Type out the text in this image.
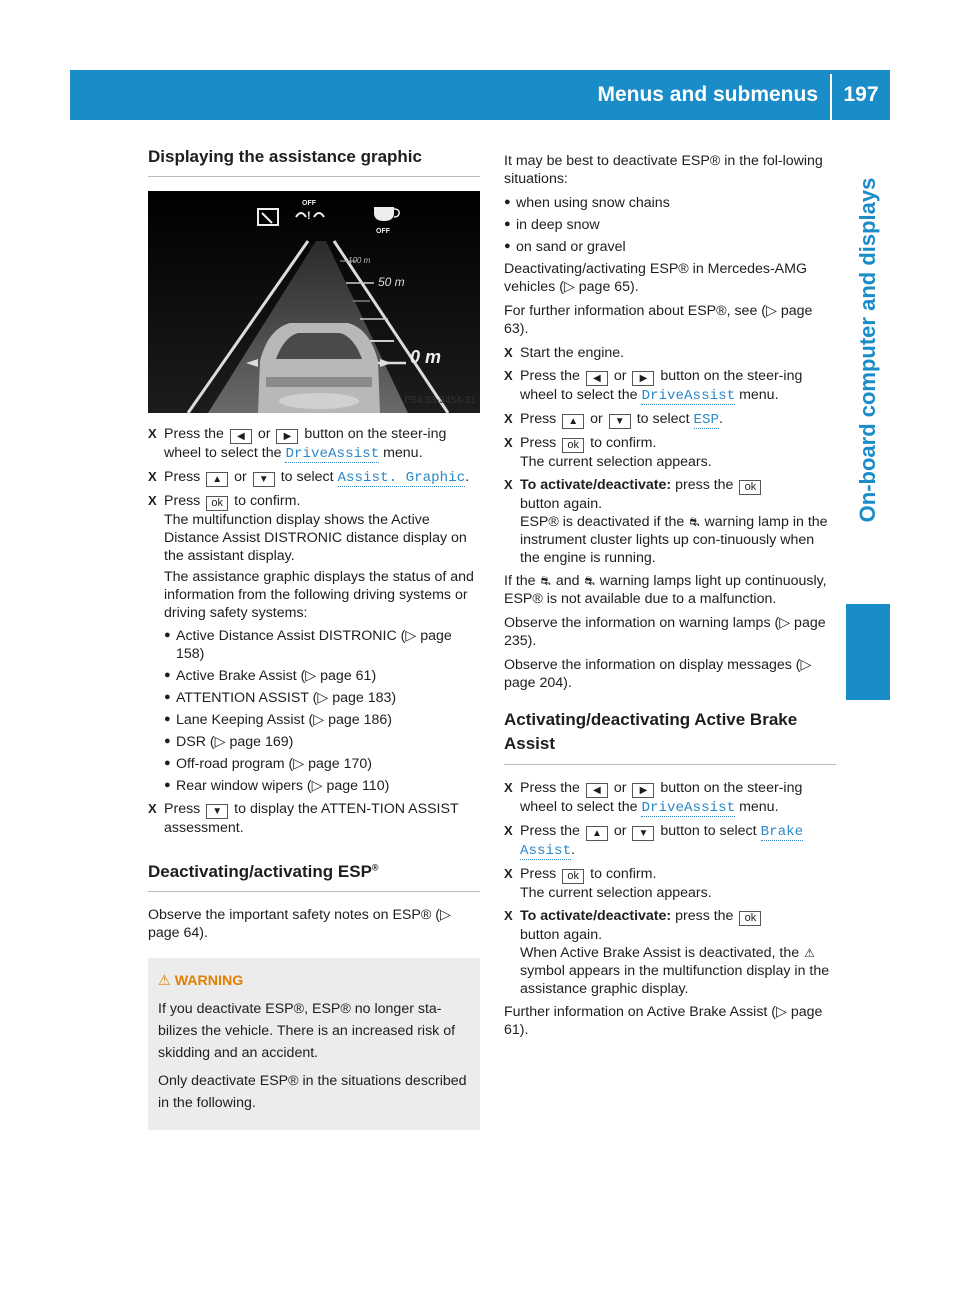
Menus and submenus	197
On-board computer and displays
Displaying the assistance graphic
100 m
50 m
0 m
OFF
!
OFF
P54.33-3454-31
X Press the ◀ or ▶ button on the steer-ing wheel to select the DriveAssist menu.
X Press ▲ or ▼ to select Assist. Graphic.
X Press ok to confirm.
The multifunction display shows the Active Distance Assist DISTRONIC distance display on the assistant display.
The assistance graphic displays the status of and information from the following driving systems or driving safety systems:
● Active Distance Assist DISTRONIC (▷ page 158)
● Active Brake Assist (▷ page 61)
● ATTENTION ASSIST (▷ page 183)
● Lane Keeping Assist (▷ page 186)
● DSR (▷ page 169)
● Off-road program (▷ page 170)
● Rear window wipers (▷ page 110)
X Press ▼ to display the ATTEN-TION ASSIST assessment.
Deactivating/activating ESP®

Observe the important safety notes on ESP® (▷ page 64).

⚠ WARNING

If you deactivate ESP®, ESP® no longer sta-bilizes the vehicle. There is an increased risk of skidding and an accident.

Only deactivate ESP® in the situations described in the following.

It may be best to deactivate ESP® in the fol-lowing situations:

● when using snow chains
● in deep snow
● on sand or gravel

Deactivating/activating ESP® in Mercedes-AMG vehicles (▷ page 65).

For further information about ESP®, see (▷ page 63).

X Start the engine.
X Press the ◀ or ▶ button on the steer-ing wheel to select the DriveAssist menu.
X Press ▲ or ▼ to select ESP.
X Press ok to confirm.
The current selection appears.
X To activate/deactivate: press the ok
button again.
ESP® is deactivated if the ⛐ warning lamp in the instrument cluster lights up con-tinuously when the engine is running.

If the ⛐ and ⛐ warning lamps light up continuously, ESP® is not available due to a malfunction.

Observe the information on warning lamps (▷ page 235).

Observe the information on display messages (▷ page 204).

Activating/deactivating Active Brake Assist
X Press the ◀ or ▶ button on the steer-ing wheel to select the DriveAssist menu.
X Press the ▲ or ▼ button to select Brake Assist.
X Press ok to confirm.
The current selection appears.
X To activate/deactivate: press the ok
button again.
When Active Brake Assist is deactivated, the ⚠ symbol appears in the multifunction display in the assistance graphic display.

Further information on Active Brake Assist (▷ page 61).
